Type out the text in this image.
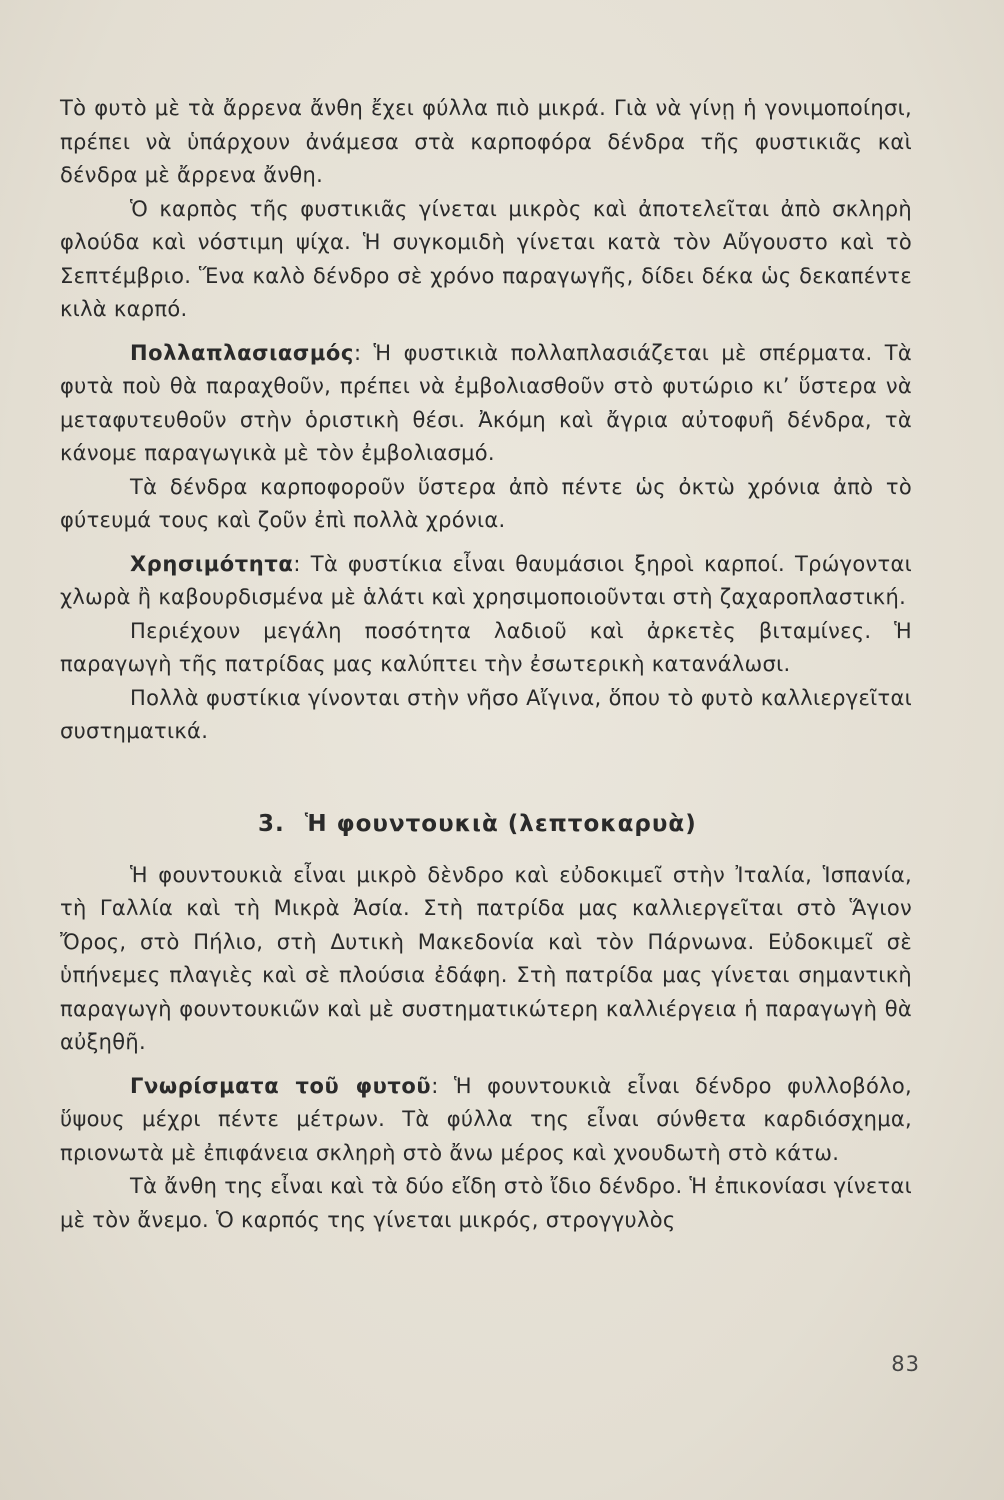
Τὸ φυτὸ μὲ τὰ ἄρρενα ἄνθη ἔχει φύλλα πιὸ μικρά. Γιὰ νὰ γίνῃ ἡ γονιμοποίησι, πρέπει νὰ ὑπάρχουν ἀνάμεσα στὰ καρποφόρα δένδρα τῆς φυστικιᾶς καὶ δένδρα μὲ ἄρρενα ἄνθη.

Ὁ καρπὸς τῆς φυστικιᾶς γίνεται μικρὸς καὶ ἀποτελεῖται ἀπὸ σκληρὴ φλούδα καὶ νόστιμη ψίχα. Ἡ συγκομιδὴ γίνεται κατὰ τὸν Αὔγουστο καὶ τὸ Σεπτέμβριο. Ἕνα καλὸ δένδρο σὲ χρόνο παραγωγῆς, δίδει δέκα ὡς δεκαπέντε κιλὰ καρπό.

Πολλαπλασιασμός: Ἡ φυστικιὰ πολλαπλασιάζεται μὲ σπέρματα. Τὰ φυτὰ ποὺ θὰ παραχθοῦν, πρέπει νὰ ἐμβολιασθοῦν στὸ φυτώριο κι’ ὕστερα νὰ μεταφυτευθοῦν στὴν ὁριστικὴ θέσι. Ἀκόμη καὶ ἄγρια αὐτοφυῆ δένδρα, τὰ κάνομε παραγωγικὰ μὲ τὸν ἐμβολιασμό.

Τὰ δένδρα καρποφοροῦν ὕστερα ἀπὸ πέντε ὡς ὀκτὼ χρόνια ἀπὸ τὸ φύτευμά τους καὶ ζοῦν ἐπὶ πολλὰ χρόνια.

Χρησιμότητα: Τὰ φυστίκια εἶναι θαυμάσιοι ξηροὶ καρποί. Τρώγονται χλωρὰ ἢ καβουρδισμένα μὲ ἁλάτι καὶ χρησιμοποιοῦνται στὴ ζαχαροπλαστική.

Περιέχουν μεγάλη ποσότητα λαδιοῦ καὶ ἀρκετὲς βιταμίνες. Ἡ παραγωγὴ τῆς πατρίδας μας καλύπτει τὴν ἐσωτερικὴ κατανάλωσι.

Πολλὰ φυστίκια γίνονται στὴν νῆσο Αἴγινα, ὅπου τὸ φυτὸ καλλιεργεῖται συστηματικά.

3. Ἡ φουντουκιὰ (λεπτοκαρυὰ)

Ἡ φουντουκιὰ εἶναι μικρὸ δὲνδρο καὶ εὐδοκιμεῖ στὴν Ἰταλία, Ἱσπανία, τὴ Γαλλία καὶ τὴ Μικρὰ Ἀσία. Στὴ πατρίδα μας καλλιεργεῖται στὸ Ἅγιον Ὄρος, στὸ Πήλιο, στὴ Δυτικὴ Μακεδονία καὶ τὸν Πάρνωνα. Εὐδοκιμεῖ σὲ ὑπήνεμες πλαγιὲς καὶ σὲ πλούσια ἐδάφη. Στὴ πατρίδα μας γίνεται σημαντικὴ παραγωγὴ φουντουκιῶν καὶ μὲ συστηματικώτερη καλλιέργεια ἡ παραγωγὴ θὰ αὐξηθῆ.

Γνωρίσματα τοῦ φυτοῦ: Ἡ φουντουκιὰ εἶναι δένδρο φυλλοβόλο, ὕψους μέχρι πέντε μέτρων. Τὰ φύλλα της εἶναι σύνθετα καρδιόσχημα, πριονωτὰ μὲ ἐπιφάνεια σκληρὴ στὸ ἄνω μέρος καὶ χνουδωτὴ στὸ κάτω.

Τὰ ἄνθη της εἶναι καὶ τὰ δύο εἴδη στὸ ἴδιο δένδρο. Ἡ ἐπικονίασι γίνεται μὲ τὸν ἄνεμο. Ὁ καρπός της γίνεται μικρός, στρογγυλὸς

83
